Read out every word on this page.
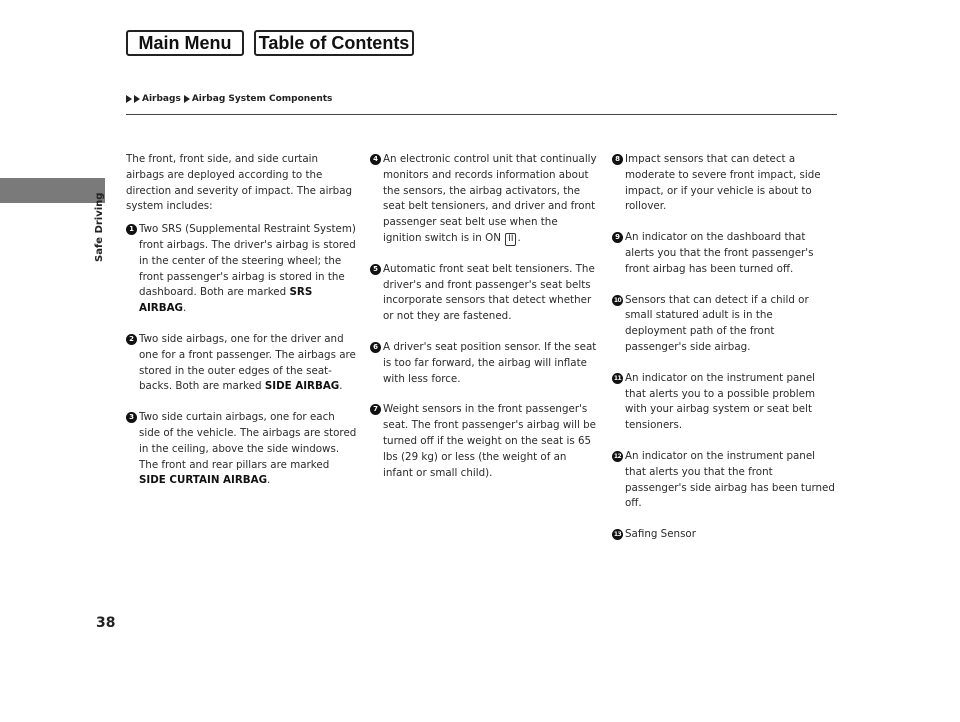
Main Menu	Table of Contents
Airbags Airbag System Components
Safe Driving
38

The front, front side, and side curtain airbags are deployed according to the direction and severity of impact. The airbag system includes:

1 Two SRS (Supplemental Restraint System) front airbags. The driver's airbag is stored in the center of the steering wheel; the front passenger's airbag is stored in the dashboard. Both are marked SRS AIRBAG.

2 Two side airbags, one for the driver and one for a front passenger. The airbags are stored in the outer edges of the seat-backs. Both are marked SIDE AIRBAG.

3 Two side curtain airbags, one for each side of the vehicle. The airbags are stored in the ceiling, above the side windows. The front and rear pillars are marked SIDE CURTAIN AIRBAG.

4 An electronic control unit that continually monitors and records information about the sensors, the airbag activators, the seat belt tensioners, and driver and front passenger seat belt use when the ignition switch is in ON II .

5 Automatic front seat belt tensioners. The driver's and front passenger's seat belts incorporate sensors that detect whether or not they are fastened.

6 A driver's seat position sensor. If the seat is too far forward, the airbag will inflate with less force.

7 Weight sensors in the front passenger's seat. The front passenger's airbag will be turned off if the weight on the seat is 65 lbs (29 kg) or less (the weight of an infant or small child).

8 Impact sensors that can detect a moderate to severe front impact, side impact, or if your vehicle is about to rollover.

9 An indicator on the dashboard that alerts you that the front passenger's front airbag has been turned off.

10 Sensors that can detect if a child or small statured adult is in the deployment path of the front passenger's side airbag.

11 An indicator on the instrument panel that alerts you to a possible problem with your airbag system or seat belt tensioners.

12 An indicator on the instrument panel that alerts you that the front passenger's side airbag has been turned off.

13 Safing Sensor
